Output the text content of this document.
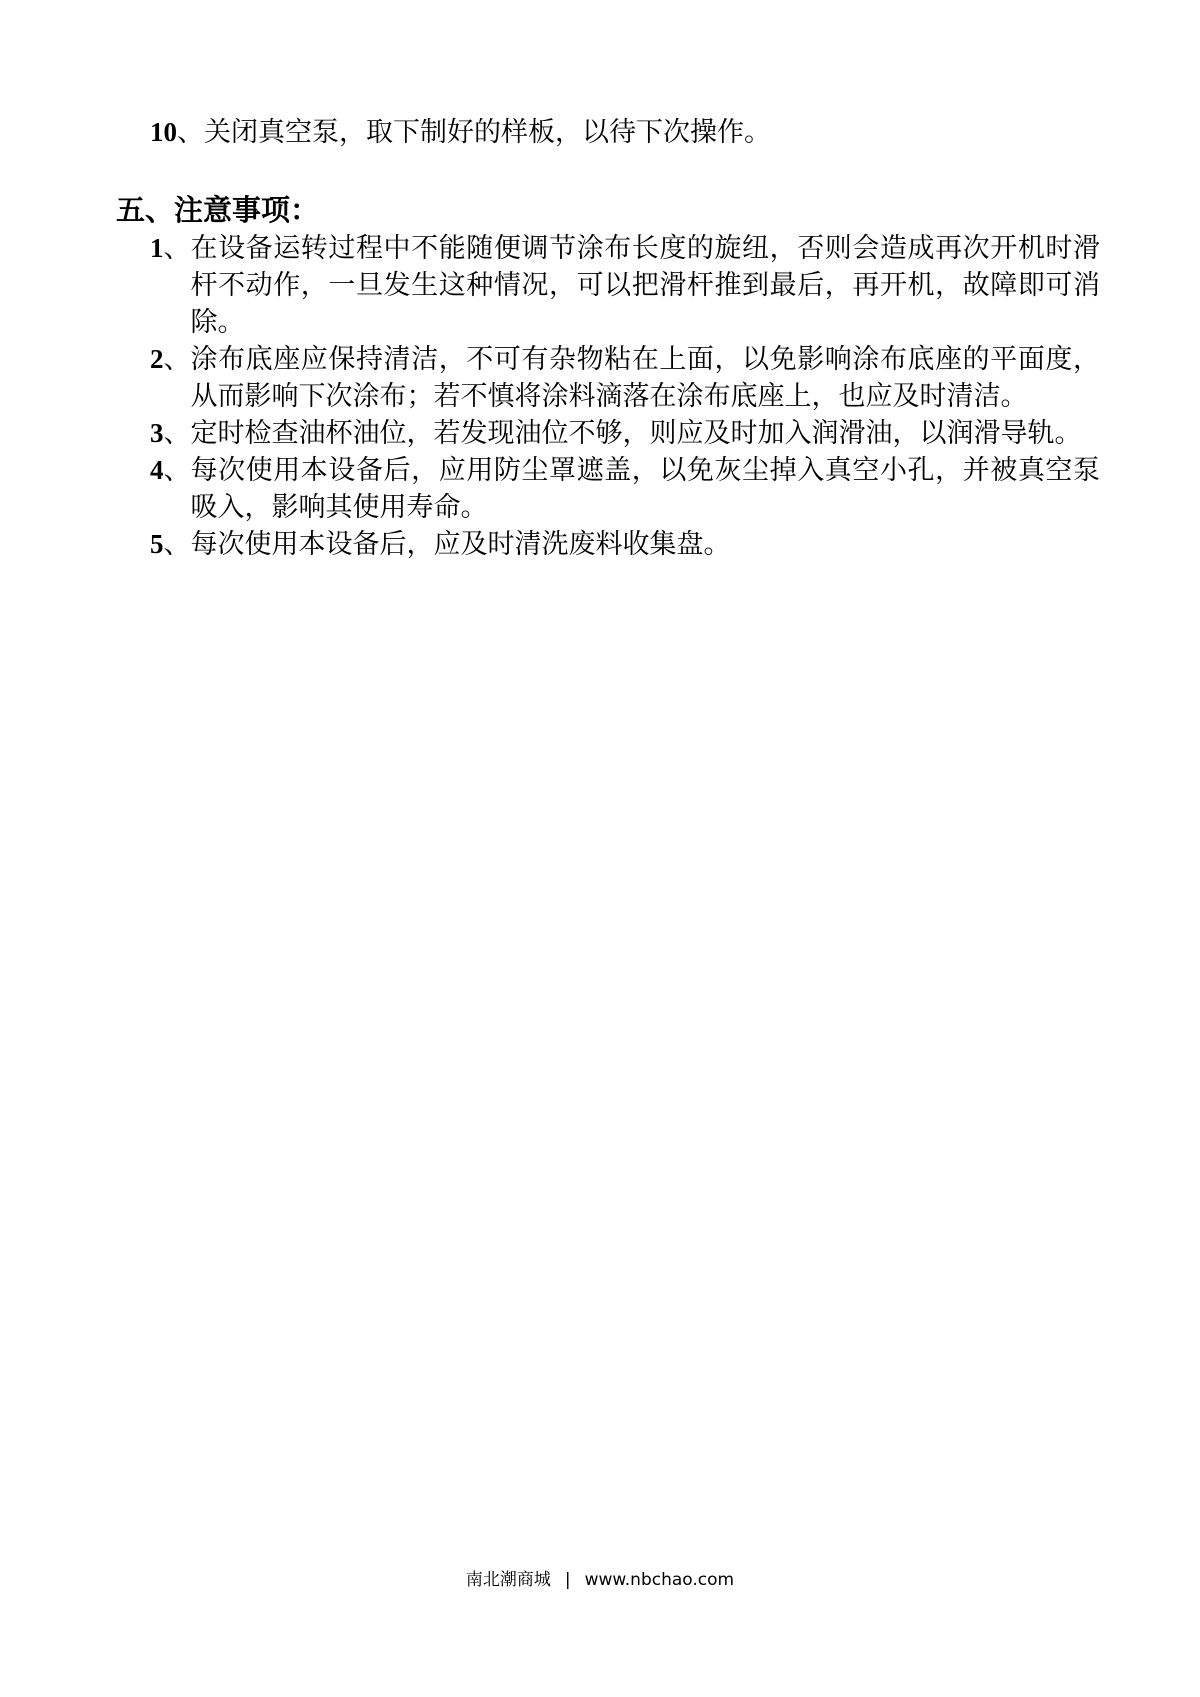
10、关闭真空泵，取下制好的样板，以待下次操作。
五、注意事项：
1、 在设备运转过程中不能随便调节涂布长度的旋纽，否则会造成再次开机时滑杆不动作，一旦发生这种情况，可以把滑杆推到最后，再开机，故障即可消除。
2、 涂布底座应保持清洁，不可有杂物粘在上面，以免影响涂布底座的平面度，从而影响下次涂布；若不慎将涂料滴落在涂布底座上，也应及时清洁。
3、 定时检查油杯油位，若发现油位不够，则应及时加入润滑油，以润滑导轨。
4、 每次使用本设备后，应用防尘罩遮盖，以免灰尘掉入真空小孔，并被真空泵吸入，影响其使用寿命。
5、 每次使用本设备后，应及时清洗废料收集盘。
南北潮商城 | www.nbchao.com
